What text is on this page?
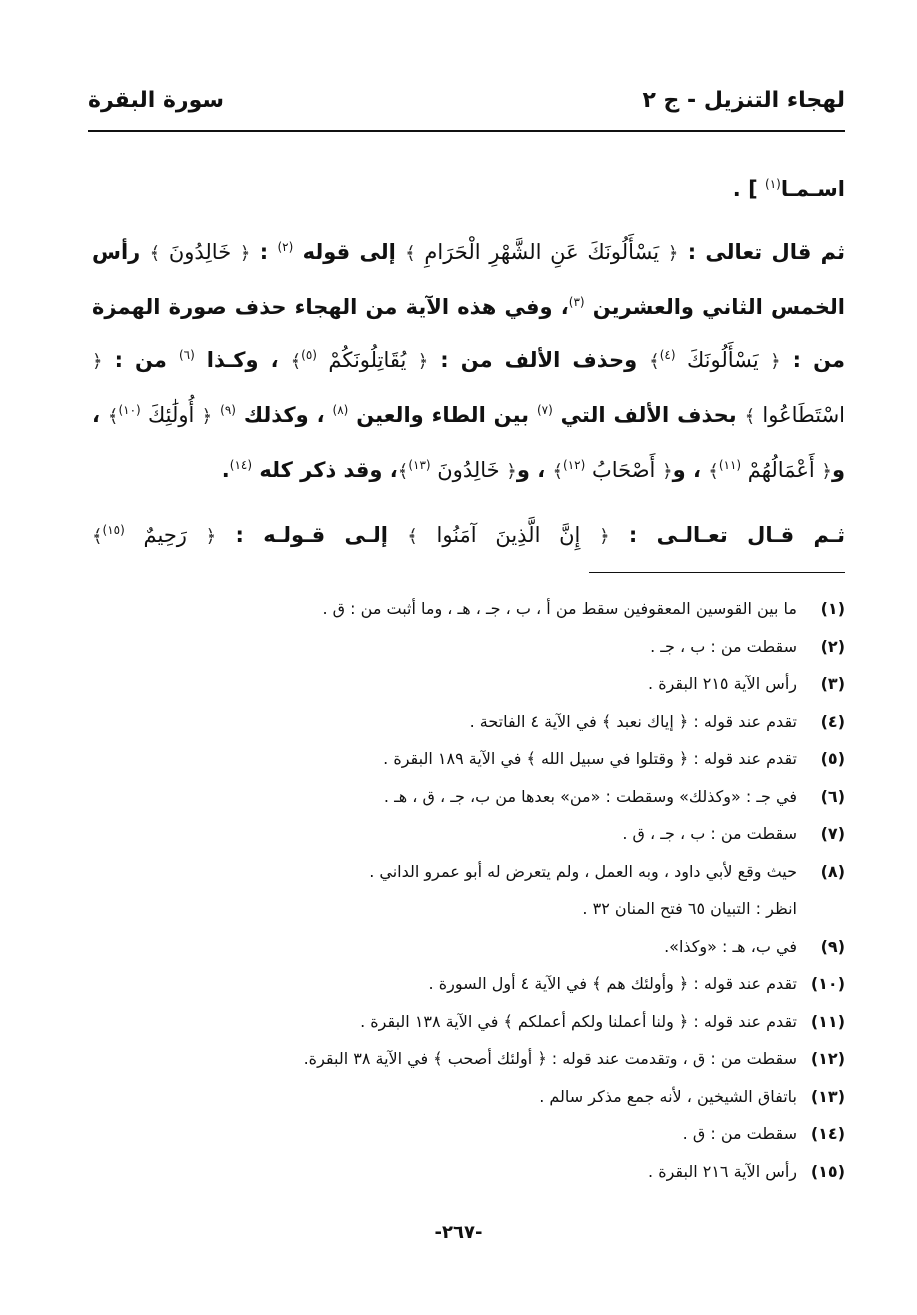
لهجاء التنزيل - ج ٢
سورة البقرة

اسـمـا$^{(١)}$ ] .

ثم قال تعالى : ﴿ يَسْأَلُونَكَ عَنِ الشَّهْرِ الْحَرَامِ ﴾ إلى قوله $^{(٢)}$ : ﴿ خَالِدُونَ ﴾ رأس الخمس الثاني والعشرين $^{(٣)}$، وفي هذه الآية من الهجاء حذف صورة الهمزة من : ﴿ يَسْأَلُونَكَ $^{(٤)}$﴾ وحذف الألف من : ﴿ يُقَاتِلُونَكُمْ $^{(٥)}$﴾ ، وكـذا $^{(٦)}$ من : ﴿ اسْتَطَاعُوا ﴾ بحذف الألف التي $^{(٧)}$ بين الطاء والعين $^{(٨)}$ ، وكذلك $^{(٩)}$ ﴿ أُولَٰئِكَ $^{(١٠)}$﴾ ، و﴿ أَعْمَالُهُمْ $^{(١١)}$﴾ ، و﴿ أَصْحَابُ $^{(١٢)}$﴾ ، و﴿ خَالِدُونَ $^{(١٣)}$﴾، وقد ذكر كله $^{(١٤)}$.

ثـم قـال تعـالـى : ﴿ إِنَّ الَّذِينَ آمَنُوا ﴾ إلـى قـولـه : ﴿ رَحِيمٌ $^{(١٥)}$﴾

(١)
ما بين القوسين المعقوفين سقط من أ ، ب ، جـ ، هـ ، وما أثبت من : ق .
(٢)
سقطت من : ب ، جـ .
(٣)
رأس الآية ٢١٥ البقرة .
(٤)
تقدم عند قوله : ﴿ إياك نعبد ﴾ في الآية ٤ الفاتحة .
(٥)
تقدم عند قوله : ﴿ وقتلوا في سبيل الله ﴾ في الآية ١٨٩ البقرة .
(٦)
في جـ : «وكذلك» وسقطت : «من» بعدها من ب، جـ ، ق ، هـ .
(٧)
سقطت من : ب ، جـ ، ق .
(٨)
حيث وقع لأبي داود ، وبه العمل ، ولم يتعرض له أبو عمرو الداني .
انظر : التبيان ٦٥ فتح المنان ٣٢ .
(٩)
في ب، هـ : «وكذا».
(١٠)
تقدم عند قوله : ﴿ وأولئك هم ﴾ في الآية ٤ أول السورة .
(١١)
تقدم عند قوله : ﴿ ولنا أعملنا ولكم أعملكم ﴾ في الآية ١٣٨ البقرة .
(١٢)
سقطت من : ق ، وتقدمت عند قوله : ﴿ أولئك أصحب ﴾ في الآية ٣٨ البقرة.
(١٣)
باتفاق الشيخين ، لأنه جمع مذكر سالم .
(١٤)
سقطت من : ق .
(١٥)
رأس الآية ٢١٦ البقرة .
-٢٦٧-
